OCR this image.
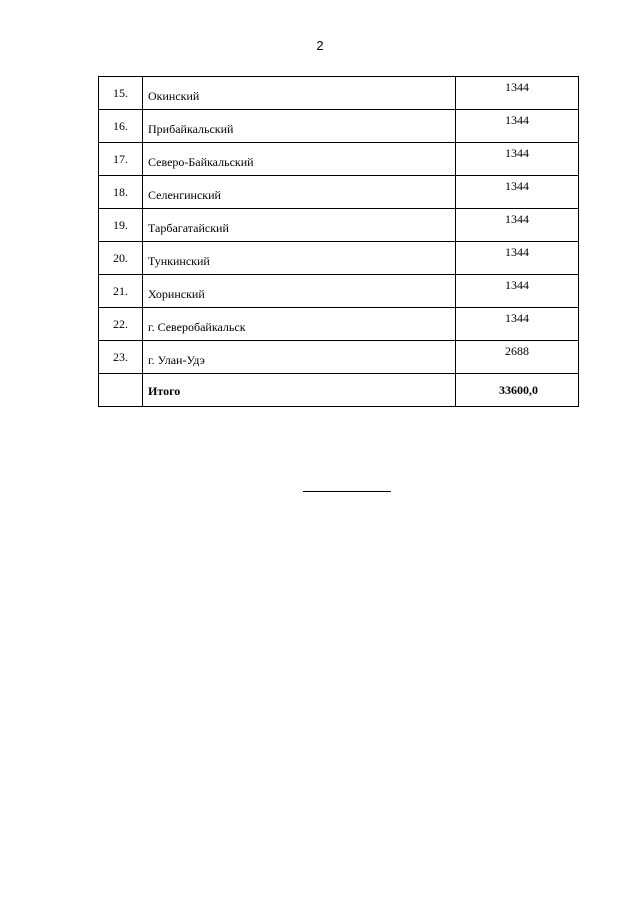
2
15.	Окинский	1344
16.	Прибайкальский	1344
17.	Северо-Байкальский	1344
18.	Селенгинский	1344
19.	Тарбагатайский	1344
20.	Тункинский	1344
21.	Хоринский	1344
22.	г. Северобайкальск	1344
23.	г. Улан-Удэ	2688
	Итого	33600,0
